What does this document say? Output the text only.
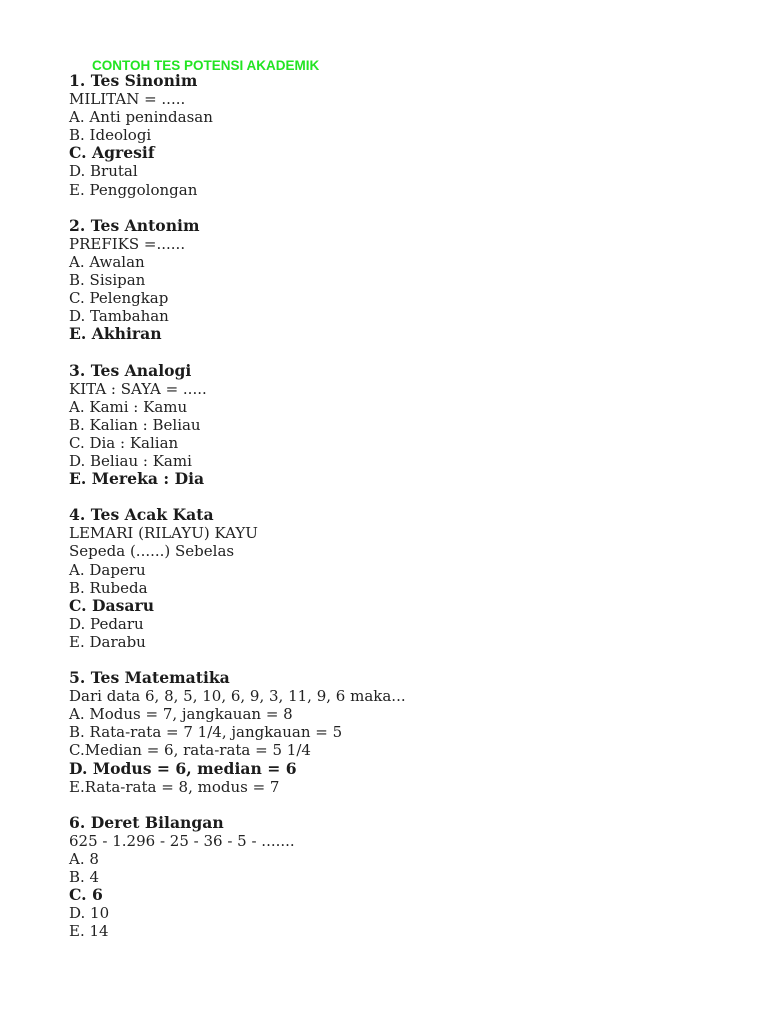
CONTOH TES POTENSI AKADEMIK
1. Tes Sinonim
MILITAN = .....
A. Anti penindasan
B. Ideologi
C. Agresif
D. Brutal
E. Penggolongan
2. Tes Antonim
PREFIKS =......
A. Awalan
B. Sisipan
C. Pelengkap
D. Tambahan
E. Akhiran
3. Tes Analogi
KITA : SAYA = .....
A. Kami : Kamu
B. Kalian : Beliau
C. Dia : Kalian
D. Beliau : Kami
E. Mereka : Dia
4. Tes Acak Kata
LEMARI (RILAYU) KAYU
Sepeda (......) Sebelas
A. Daperu
B. Rubeda
C. Dasaru
D. Pedaru
E. Darabu
5. Tes Matematika
Dari data 6, 8, 5, 10, 6, 9, 3, 11, 9, 6 maka...
A. Modus = 7, jangkauan = 8
B. Rata-rata = 7 1/4, jangkauan = 5
C.Median = 6, rata-rata = 5 1/4
D. Modus = 6, median = 6
E.Rata-rata = 8, modus = 7
6. Deret Bilangan
625 - 1.296 - 25 - 36 - 5 - .......
A. 8
B. 4
C. 6
D. 10
E. 14
